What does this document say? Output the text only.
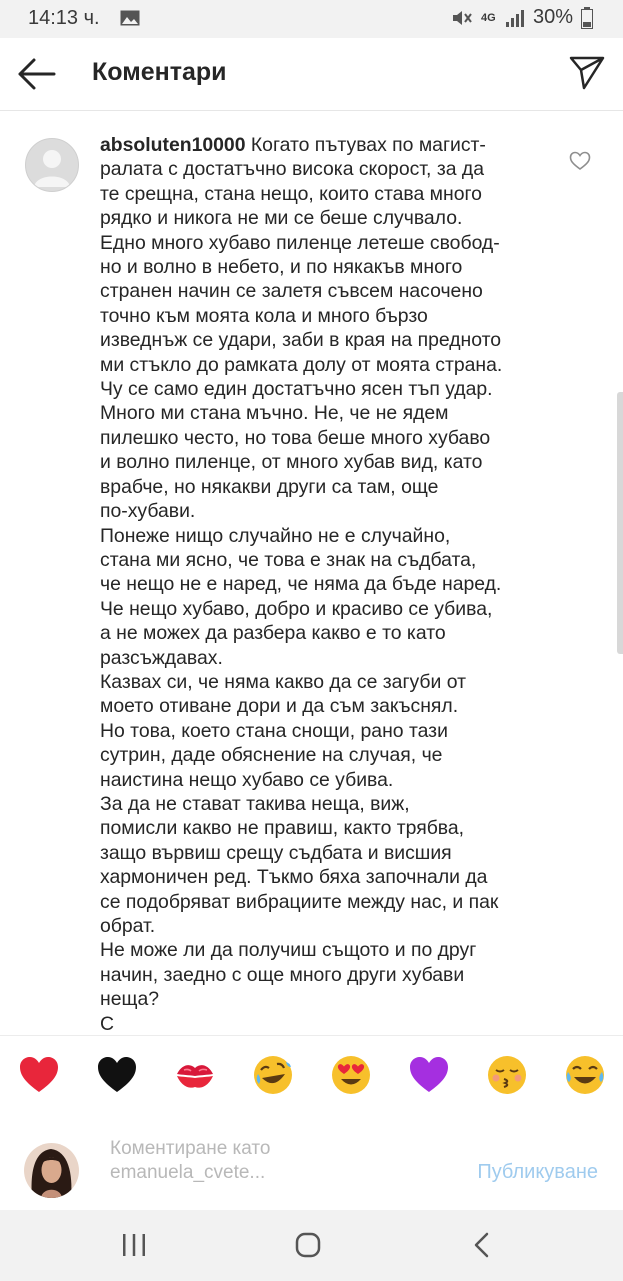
14:13 ч.	4G 30%
Коментари

absoluten10000 Когато пътувах по магист-
ралата с достатъчно висока скорост, за да
те срещна, стана нещо, които става много
рядко и никога не ми се беше случвало.
Едно много хубаво пиленце летеше свобод-
но и волно в небето, и по някакъв много
странен начин се залетя съвсем насочено
точно към моята кола и много бързо
изведнъж се удари, заби в края на предното
ми стъкло до рамката долу от моята страна.
Чу се само един достатъчно ясен тъп удар.
Много ми стана мъчно. Не, че не ядем
пилешко често, но това беше много хубаво
и волно пиленце, от много хубав вид, като
врабче, но някакви други са там, още
по-хубави.
Понеже нищо случайно не е случайно,
стана ми ясно, че това е знак на съдбата,
че нещо не е наред, че няма да бъде наред.
Че нещо хубаво, добро и красиво се убива,
а не можех да разбера какво е то като
разсъждавах.
Казвах си, че няма какво да се загуби от
моето отиване дори и да съм закъснял.
Но това, което стана снощи, рано тази
сутрин, даде обяснение на случая, че
наистина нещо хубаво се убива.
За да не стават такива неща, виж,
помисли какво не правиш, както трябва,
защо вървиш срещу съдбата и висшия
хармоничен ред. Тъкмо бяха започнали да
се подобряват вибрациите между нас, и пак
обрат.
Не може ли да получиш същото и по друг
начин, заедно с още много други хубави
неща?
С

Коментиране като
emanuela_cvete...	Публикуване
